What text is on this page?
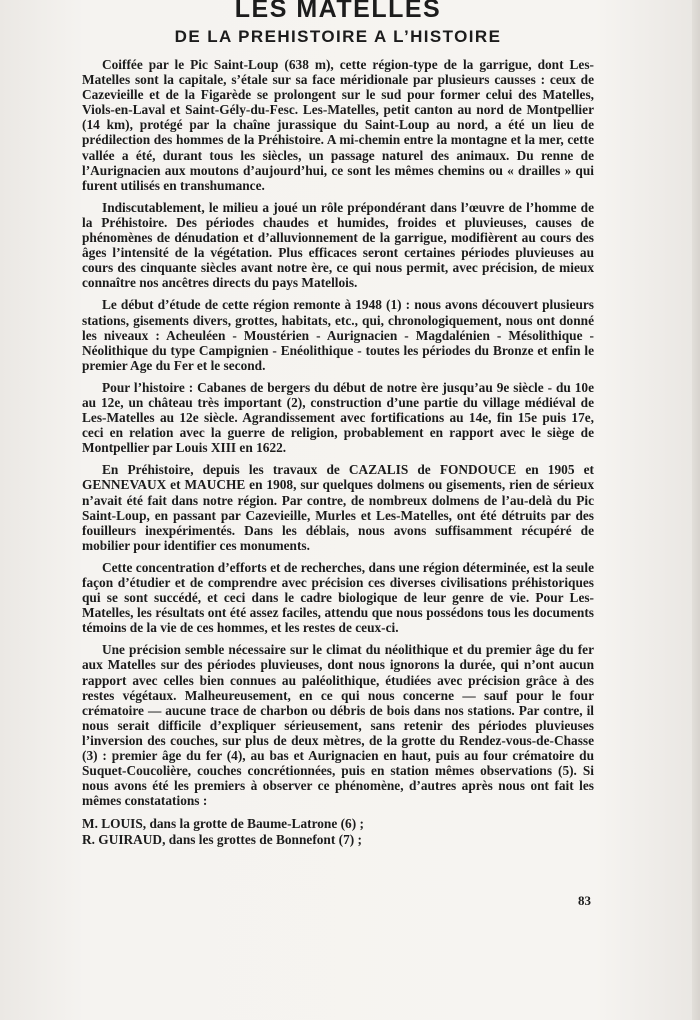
LES MATELLES
DE LA PREHISTOIRE A L’HISTOIRE

Coiffée par le Pic Saint-Loup (638 m), cette région-type de la garrigue, dont Les-Matelles sont la capitale, s’étale sur sa face méridionale par plusieurs causses : ceux de Cazevieille et de la Figarède se prolongent sur le sud pour former celui des Matelles, Viols-en-Laval et Saint-Gély-du-Fesc. Les-Matelles, petit canton au nord de Montpellier (14 km), protégé par la chaîne jurassique du Saint-Loup au nord, a été un lieu de prédilection des hommes de la Préhistoire. A mi-chemin entre la montagne et la mer, cette vallée a été, durant tous les siècles, un passage naturel des animaux. Du renne de l’Aurignacien aux moutons d’aujourd’hui, ce sont les mêmes chemins ou « drailles » qui furent utilisés en transhumance.

Indiscutablement, le milieu a joué un rôle prépondérant dans l’œuvre de l’homme de la Préhistoire. Des périodes chaudes et humides, froides et pluvieuses, causes de phénomènes de dénudation et d’alluvionnement de la garrigue, modifièrent au cours des âges l’intensité de la végétation. Plus efficaces seront certaines périodes pluvieuses au cours des cinquante siècles avant notre ère, ce qui nous permit, avec précision, de mieux connaître nos ancêtres directs du pays Matellois.

Le début d’étude de cette région remonte à 1948 (1) : nous avons découvert plusieurs stations, gisements divers, grottes, habitats, etc., qui, chronologiquement, nous ont donné les niveaux : Acheuléen - Moustérien - Aurignacien - Magdalénien - Mésolithique - Néolithique du type Campignien - Enéolithique - toutes les périodes du Bronze et enfin le premier Age du Fer et le second.

Pour l’histoire : Cabanes de bergers du début de notre ère jusqu’au 9e siècle - du 10e au 12e, un château très important (2), construction d’une partie du village médiéval de Les-Matelles au 12e siècle. Agrandissement avec fortifications au 14e, fin 15e puis 17e, ceci en relation avec la guerre de religion, probablement en rapport avec le siège de Montpellier par Louis XIII en 1622.

En Préhistoire, depuis les travaux de CAZALIS de FONDOUCE en 1905 et GENNEVAUX et MAUCHE en 1908, sur quelques dolmens ou gisements, rien de sérieux n’avait été fait dans notre région. Par contre, de nombreux dolmens de l’au-delà du Pic Saint-Loup, en passant par Cazevieille, Murles et Les-Matelles, ont été détruits par des fouilleurs inexpérimentés. Dans les déblais, nous avons suffisamment récupéré de mobilier pour identifier ces monuments.

Cette concentration d’efforts et de recherches, dans une région déterminée, est la seule façon d’étudier et de comprendre avec précision ces diverses civilisations préhistoriques qui se sont succédé, et ceci dans le cadre biologique de leur genre de vie. Pour Les-Matelles, les résultats ont été assez faciles, attendu que nous possédons tous les documents témoins de la vie de ces hommes, et les restes de ceux-ci.

Une précision semble nécessaire sur le climat du néolithique et du premier âge du fer aux Matelles sur des périodes pluvieuses, dont nous ignorons la durée, qui n’ont aucun rapport avec celles bien connues au paléolithique, étudiées avec précision grâce à des restes végétaux. Malheureusement, en ce qui nous concerne — sauf pour le four crématoire — aucune trace de charbon ou débris de bois dans nos stations. Par contre, il nous serait difficile d’expliquer sérieusement, sans retenir des périodes pluvieuses l’inversion des couches, sur plus de deux mètres, de la grotte du Rendez-vous-de-Chasse (3) : premier âge du fer (4), au bas et Aurignacien en haut, puis au four crématoire du Suquet-Coucolière, couches concrétionnées, puis en station mêmes observations (5). Si nous avons été les premiers à observer ce phénomène, d’autres après nous ont fait les mêmes constatations :

M. LOUIS, dans la grotte de Baume-Latrone (6) ;

R. GUIRAUD, dans les grottes de Bonnefont (7) ;

83
